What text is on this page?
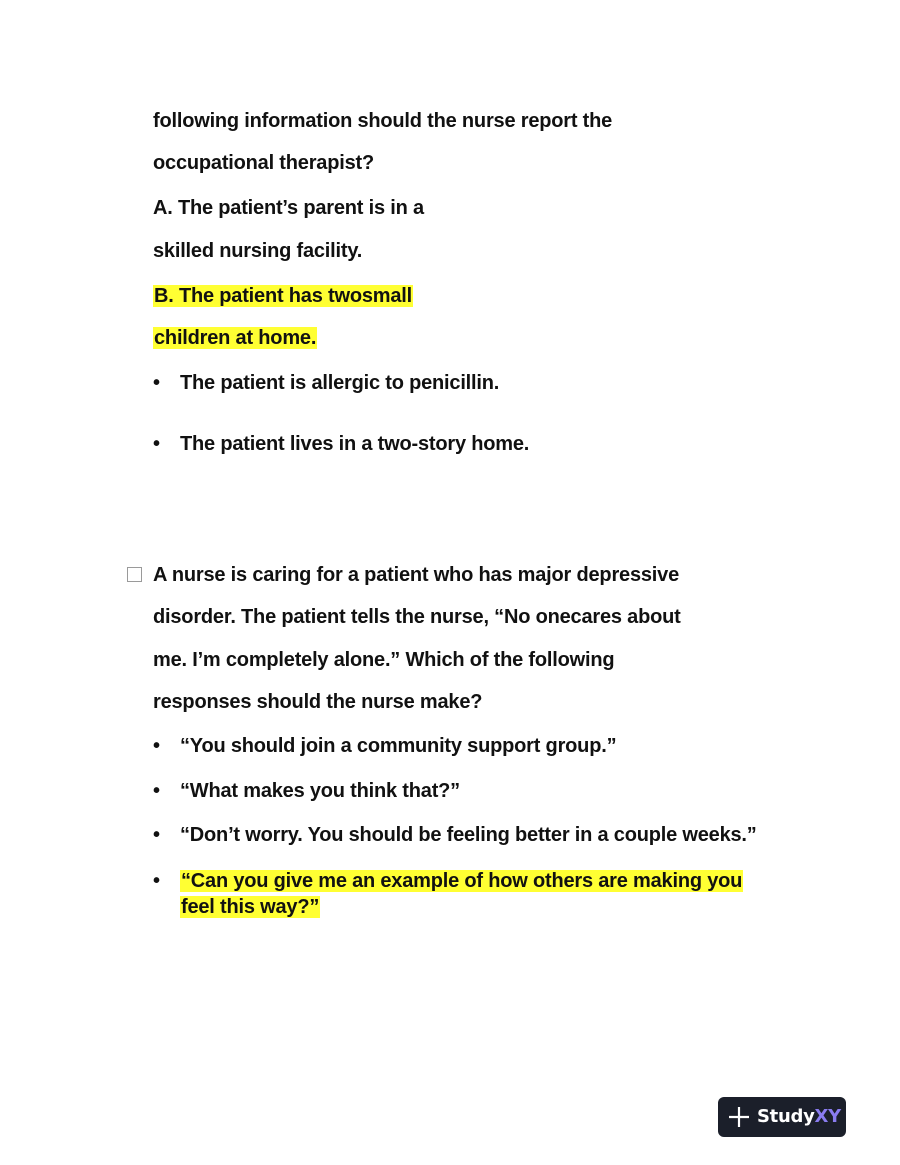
following information should the nurse report the
occupational therapist?
A. The patient’s parent is in a
skilled nursing facility.
B. The patient has twosmall
children at home.
•	The patient is allergic to penicillin.
•	The patient lives in a two-story home.
A nurse is caring for a patient who has major depressive
disorder. The patient tells the nurse, “No onecares about
me. I’m completely alone.” Which of the following
responses should the nurse make?
•	“You should join a community support group.”
•	“What makes you think that?”
•	“Don’t worry. You should be feeling better in a couple weeks.”
•	“Can you give me an example of how others are making you feel this way?”
StudyXY
